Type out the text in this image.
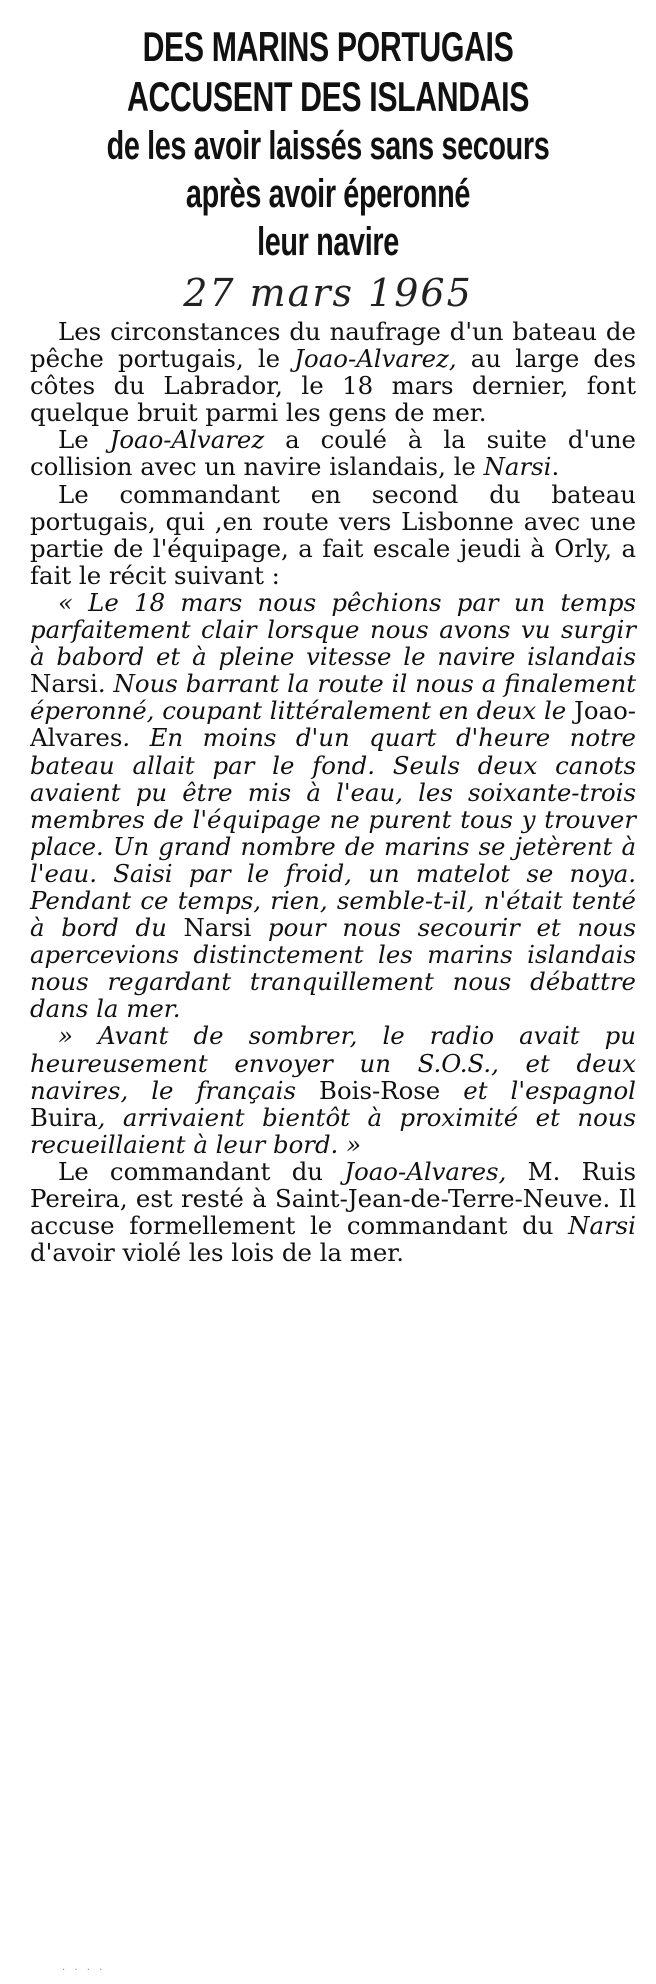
DES MARINS PORTUGAIS
ACCUSENT DES ISLANDAIS
de les avoir laissés sans secours
après avoir éperonné
leur navire
27 mars 1965

Les circonstances du naufrage d'un bateau de pêche portugais, le Joao-Alvarez, au large des côtes du Labrador, le 18 mars dernier, font quelque bruit parmi les gens de mer.

Le Joao-Alvarez a coulé à la suite d'une collision avec un navire islandais, le Narsi.

Le commandant en second du bateau portugais, qui ,en route vers Lisbonne avec une partie de l'équipage, a fait escale jeudi à Orly, a fait le récit suivant :

« Le 18 mars nous pêchions par un temps parfaitement clair lorsque nous avons vu surgir à babord et à pleine vitesse le navire islandais Narsi. Nous barrant la route il nous a finalement éperonné, coupant littéralement en deux le Joao-Alvares. En moins d'un quart d'heure notre bateau allait par le fond. Seuls deux canots avaient pu être mis à l'eau, les soixante-trois membres de l'équipage ne purent tous y trouver place. Un grand nombre de marins se jetèrent à l'eau. Saisi par le froid, un matelot se noya. Pendant ce temps, rien, semble-t-il, n'était tenté à bord du Narsi pour nous secourir et nous apercevions distinctement les marins islandais nous regardant tranquillement nous débattre dans la mer.

» Avant de sombrer, le radio avait pu heureusement envoyer un S.O.S., et deux navires, le français Bois-Rose et l'espagnol Buira, arrivaient bientôt à proximité et nous recueillaient à leur bord. »

Le commandant du Joao-Alvares, M. Ruis Pereira, est resté à Saint-Jean-de-Terre-Neuve. Il accuse formellement le commandant du Narsi d'avoir violé les lois de la mer.

. . . .
